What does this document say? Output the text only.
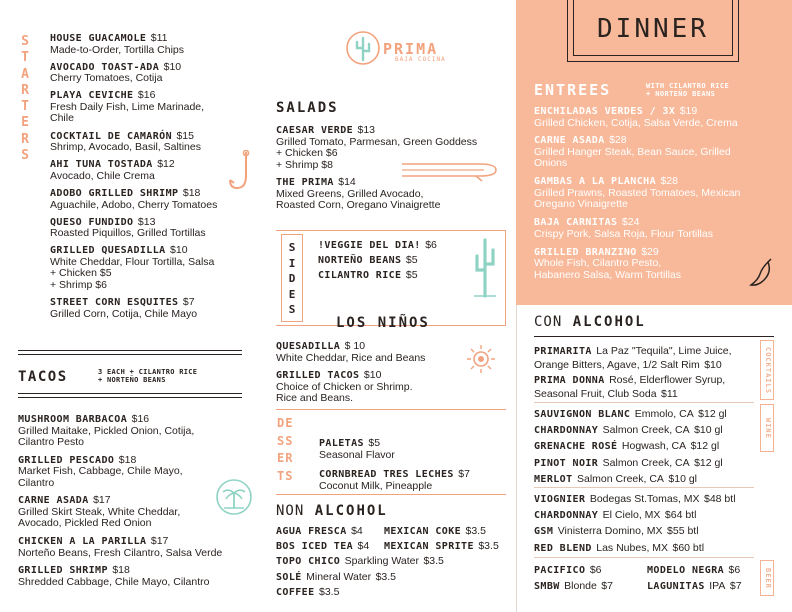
S
T
A
R
T
E
R
S
HOUSE GUACAMOLE $11
Made-to-Order, Tortilla Chips
AVOCADO TOAST-ADA $10
Cherry Tomatoes, Cotija
PLAYA CEVICHE $16
Fresh Daily Fish, Lime Marinade,
Chile
COCKTAIL DE CAMARÓN $15
Shrimp, Avocado, Basil, Saltines
AHI TUNA TOSTADA $12
Avocado, Chile Crema
ADOBO GRILLED SHRIMP $18
Aguachile, Adobo, Cherry Tomatoes
QUESO FUNDIDO $13
Roasted Piquillos, Grilled Tortillas
GRILLED QUESADILLA $10
White Cheddar, Flour Tortilla, Salsa
+ Chicken $5
+ Shrimp $6
STREET CORN ESQUITES $7
Grilled Corn, Cotija, Chile Mayo
TACOS	3 EACH + CILANTRO RICE
+ NORTEÑO BEANS
MUSHROOM BARBACOA $16
Grilled Maitake, Pickled Onion, Cotija,
Cilantro Pesto
GRILLED PESCADO $18
Market Fish, Cabbage, Chile Mayo,
Cilantro
CARNE ASADA $17
Grilled Skirt Steak, White Cheddar,
Avocado, Pickled Red Onion
CHICKEN A LA PARILLA $17
Norteño Beans, Fresh Cilantro, Salsa Verde
GRILLED SHRIMP $18
Shredded Cabbage, Chile Mayo, Cilantro
PRIMA
BAJA COCINA
SALADS
CAESAR VERDE $13
Grilled Tomato, Parmesan, Green Goddess
+ Chicken $6
+ Shrimp $8
THE PRIMA $14
Mixed Greens, Grilled Avocado,
Roasted Corn, Oregano Vinaigrette
S
I
D
E
S
!VEGGIE DEL DIA! $6
NORTEÑO BEANS $5
CILANTRO RICE $5
LOS NIÑOS
QUESADILLA $ 10
White Cheddar, Rice and Beans
GRILLED TACOS $10
Choice of Chicken or Shrimp.
Rice and Beans.
DE
SS
ER
TS
PALETAS $5
Seasonal Flavor
CORNBREAD TRES LECHES $7
Coconut Milk, Pineapple
NON ALCOHOL
AGUA FRESCA $4 MEXICAN COKE $3.5
BOS ICED TEA $4 MEXICAN SPRITE $3.5
TOPO CHICO Sparkling Water $3.5
SOLÉ Mineral Water $3.5
COFFEE $3.5
DINNER
ENTREES	WITH CILANTRO RICE
+ NORTEÑO BEANS
ENCHILADAS VERDES / 3X $19
Grilled Chicken, Cotija, Salsa Verde, Crema
CARNE ASADA $28
Grilled Hanger Steak, Bean Sauce, Grilled
Onions
GAMBAS A LA PLANCHA $28
Grilled Prawns, Roasted Tomatoes, Mexican
Oregano Vinaigrette
BAJA CARNITAS $24
Crispy Pork, Salsa Roja, Flour Tortillas
GRILLED BRANZINO $29
Whole Fish, Cilantro Pesto,
Habanero Salsa, Warm Tortillas
CON ALCOHOL
PRIMARITA La Paz "Tequila", Lime Juice,
Orange Bitters, Agave, 1/2 Salt Rim $10
PRIMA DONNA Rosé, Elderflower Syrup,
Seasonal Fruit, Club Soda $11
COCKTAILS
SAUVIGNON BLANC Emmolo, CA $12 gl
CHARDONNAY Salmon Creek, CA $10 gl
GRENACHE ROSÉ Hogwash, CA $12 gl
PINOT NOIR Salmon Creek, CA $12 gl
MERLOT Salmon Creek, CA $10 gl
WINE
VIOGNIER Bodegas St.Tomas, MX $48 btl
CHARDONNAY El Cielo, MX $64 btl
GSM Vinisterra Domino, MX $55 btl
RED BLEND Las Nubes, MX $60 btl
PACIFICO $6	MODELO NEGRA $6
SMBW Blonde $7	LAGUNITAS IPA $7	BEER
